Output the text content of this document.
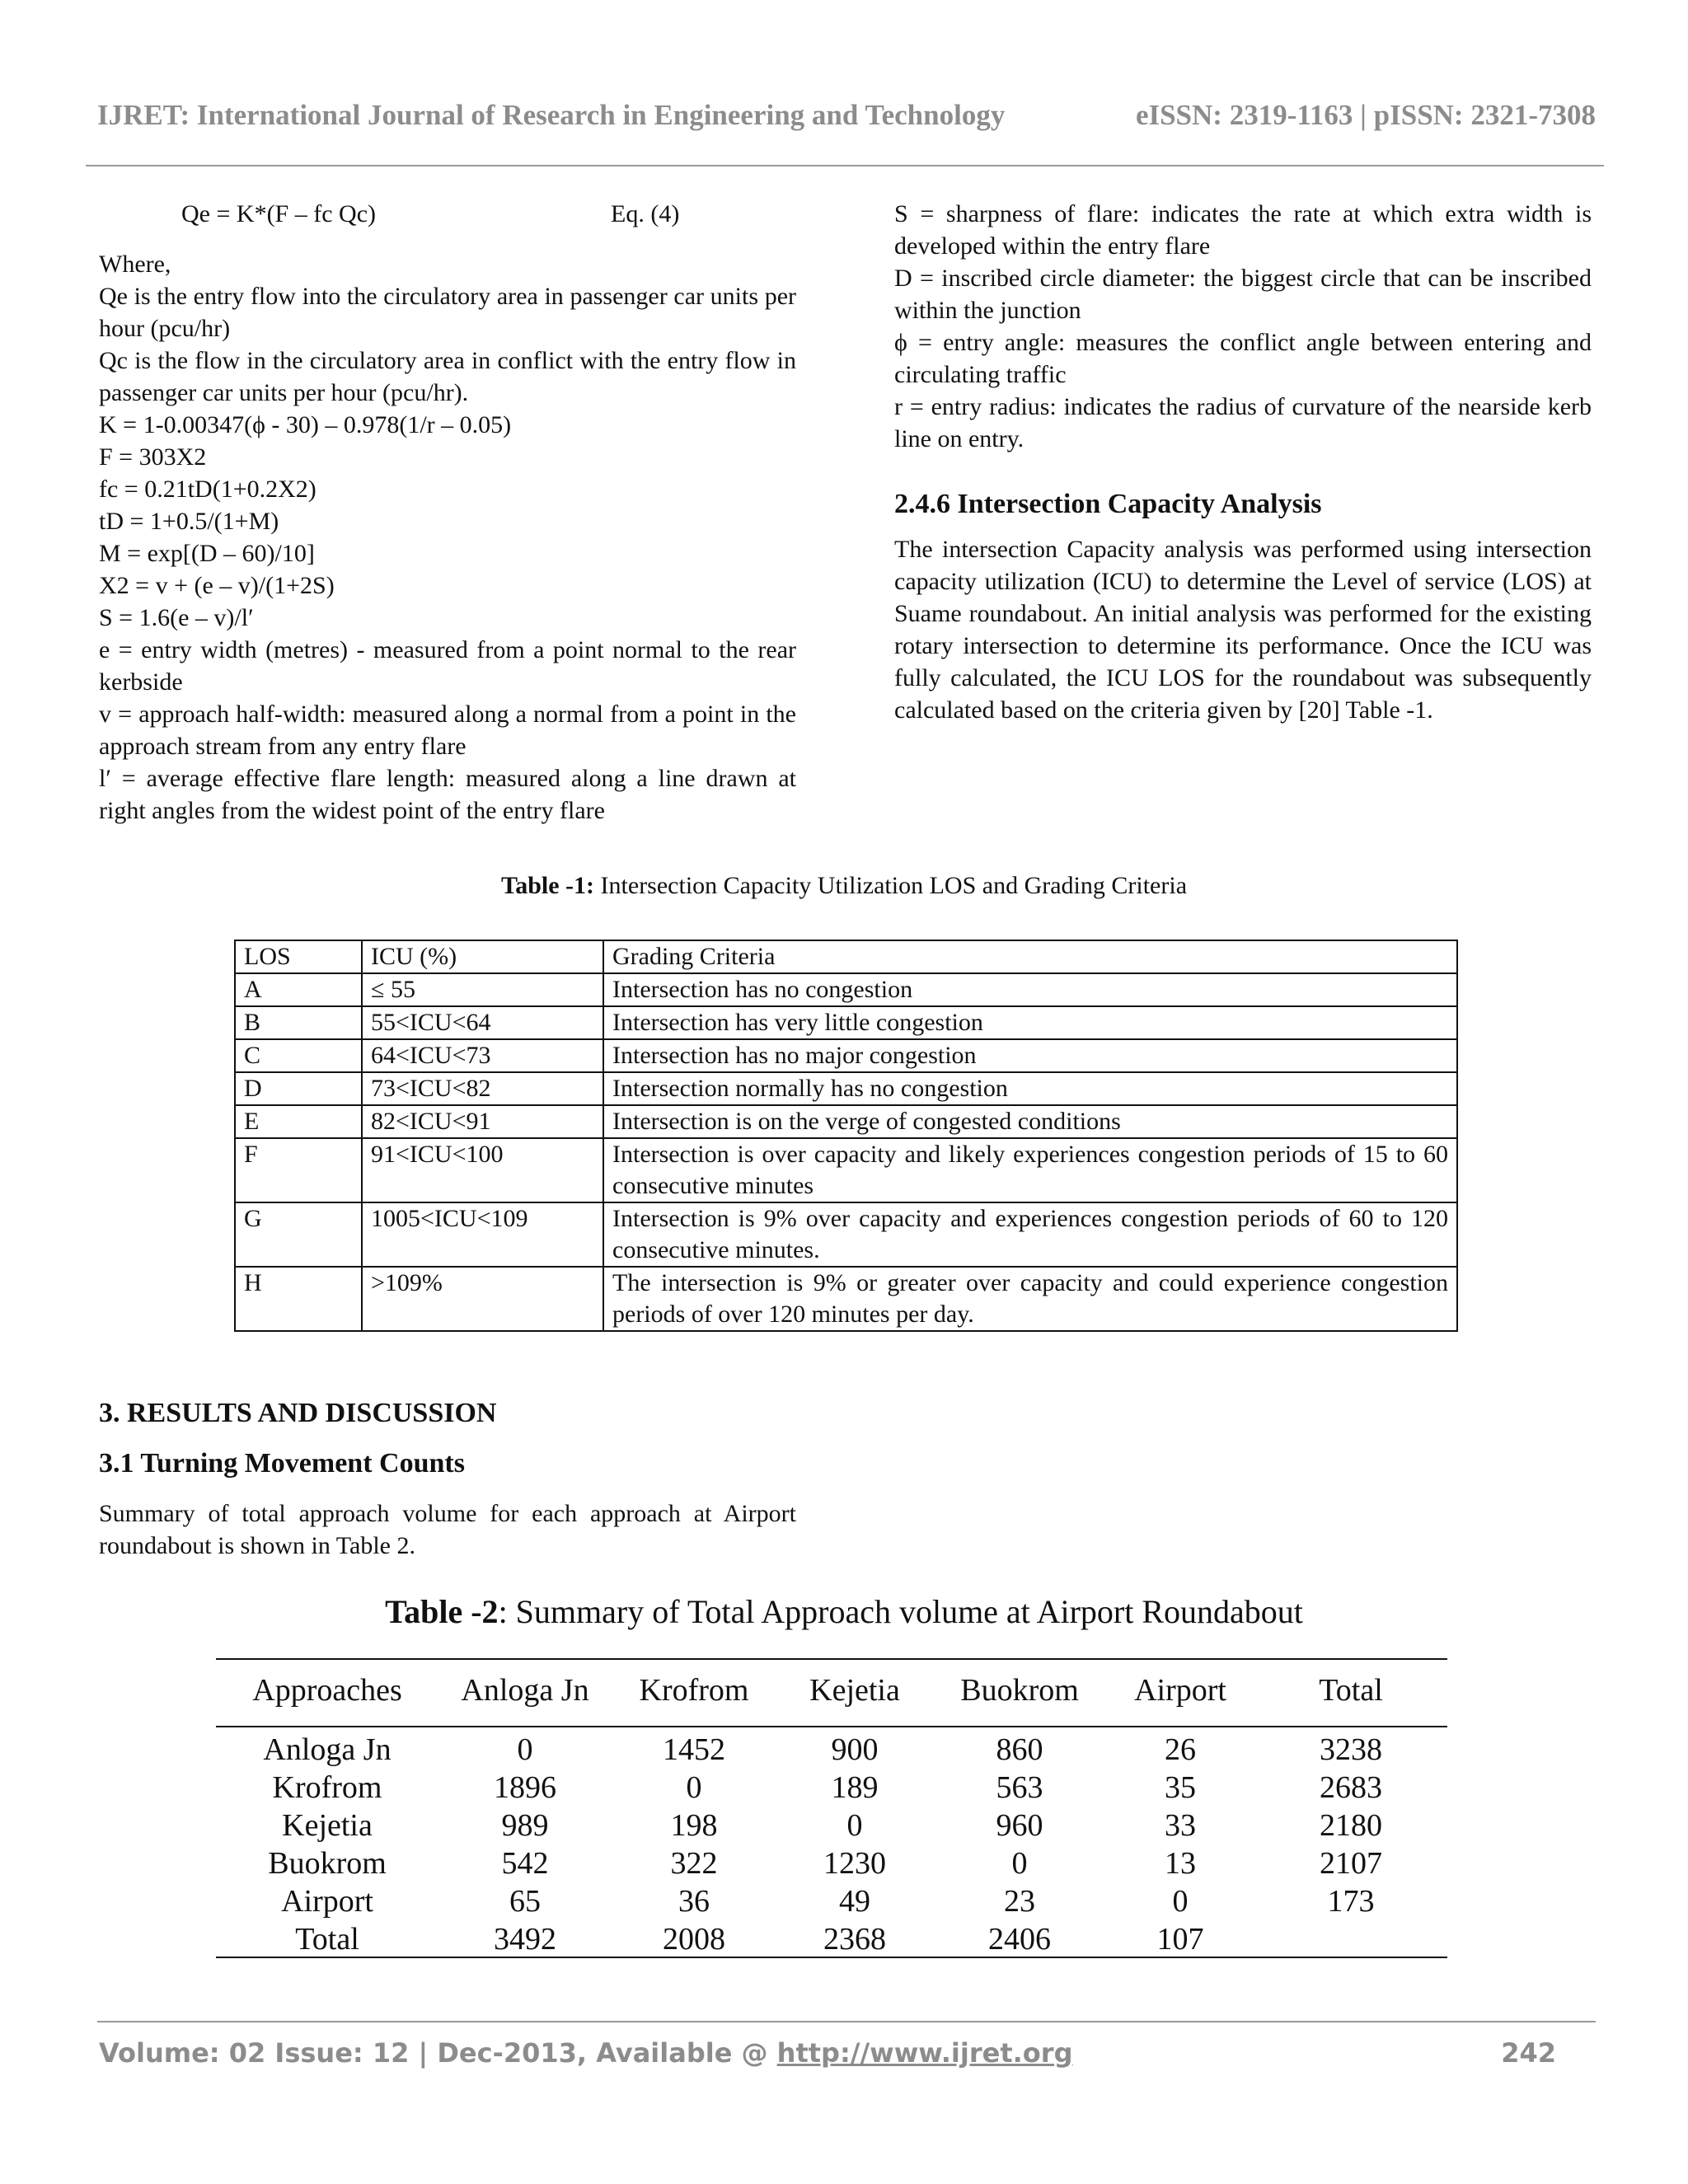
IJRET: International Journal of Research in Engineering and Technology	eISSN: 2319-1163 | pISSN: 2321-7308
Qe = K*(F – fc Qc)	Eq. (4)

Where,

Qe is the entry flow into the circulatory area in passenger car units per hour (pcu/hr)

Qc is the flow in the circulatory area in conflict with the entry flow in passenger car units per hour (pcu/hr).

K = 1-0.00347(ϕ - 30) – 0.978(1/r – 0.05)

F = 303X2

fc = 0.21tD(1+0.2X2)

tD = 1+0.5/(1+M)

M = exp[(D – 60)/10]

X2 = v + (e – v)/(1+2S)

S = 1.6(e – v)/l′

e = entry width (metres) - measured from a point normal to the rear kerbside

v = approach half-width: measured along a normal from a point in the approach stream from any entry flare

l′ = average effective flare length: measured along a line drawn at right angles from the widest point of the entry flare

S = sharpness of flare: indicates the rate at which extra width is developed within the entry flare

D = inscribed circle diameter: the biggest circle that can be inscribed within the junction

ϕ = entry angle: measures the conflict angle between entering and circulating traffic

r = entry radius: indicates the radius of curvature of the nearside kerb line on entry.

2.4.6 Intersection Capacity Analysis

The intersection Capacity analysis was performed using intersection capacity utilization (ICU) to determine the Level of service (LOS) at Suame roundabout. An initial analysis was performed for the existing rotary intersection to determine its performance. Once the ICU was fully calculated, the ICU LOS for the roundabout was subsequently calculated based on the criteria given by [20] Table -1.

Table -1: Intersection Capacity Utilization LOS and Grading Criteria
LOS	ICU (%)	Grading Criteria
A	≤ 55	Intersection has no congestion
B	55<ICU<64	Intersection has very little congestion
C	64<ICU<73	Intersection has no major congestion
D	73<ICU<82	Intersection normally has no congestion
E	82<ICU<91	Intersection is on the verge of congested conditions
F	91<ICU<100	Intersection is over capacity and likely experiences congestion periods of 15 to 60 consecutive minutes
G	1005<ICU<109	Intersection is 9% over capacity and experiences congestion periods of 60 to 120 consecutive minutes.
H	>109%	The intersection is 9% or greater over capacity and could experience congestion periods of over 120 minutes per day.
3. RESULTS AND DISCUSSION
3.1 Turning Movement Counts

Summary of total approach volume for each approach at Airport roundabout is shown in Table 2.

Table -2: Summary of Total Approach volume at Airport Roundabout
Approaches	Anloga Jn	Krofrom	Kejetia	Buokrom	Airport	Total
Anloga Jn	0	1452	900	860	26	3238
Krofrom	1896	0	189	563	35	2683
Kejetia	989	198	0	960	33	2180
Buokrom	542	322	1230	0	13	2107
Airport	65	36	49	23	0	173
Total	3492	2008	2368	2406	107	
Volume: 02 Issue: 12 | Dec-2013, Available @ http://www.ijret.org	242
